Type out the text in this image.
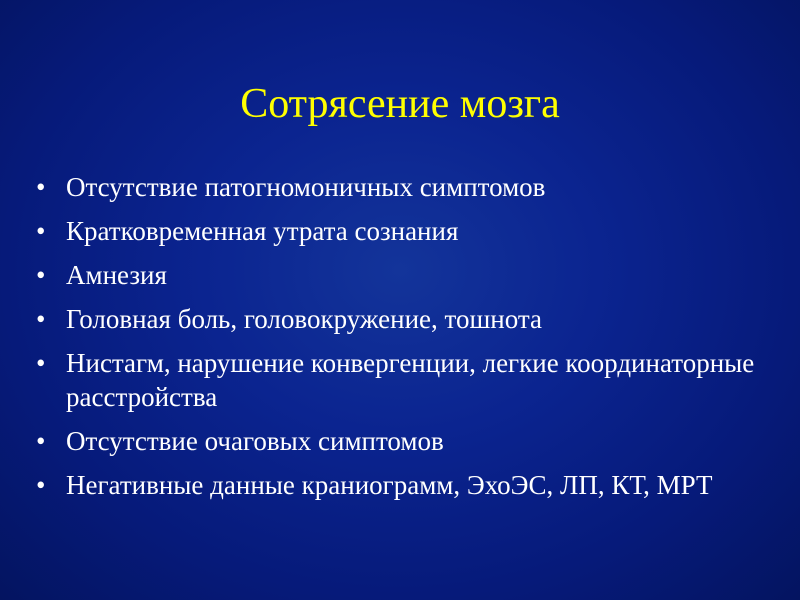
Сотрясение мозга
• Отсутствие патогномоничных симптомов
• Кратковременная утрата сознания
• Амнезия
• Головная боль, головокружение, тошнота
• Нистагм, нарушение конвергенции, легкие координаторные расстройства
• Отсутствие очаговых симптомов
• Негативные данные краниограмм, ЭхоЭС, ЛП, КТ, МРТ
